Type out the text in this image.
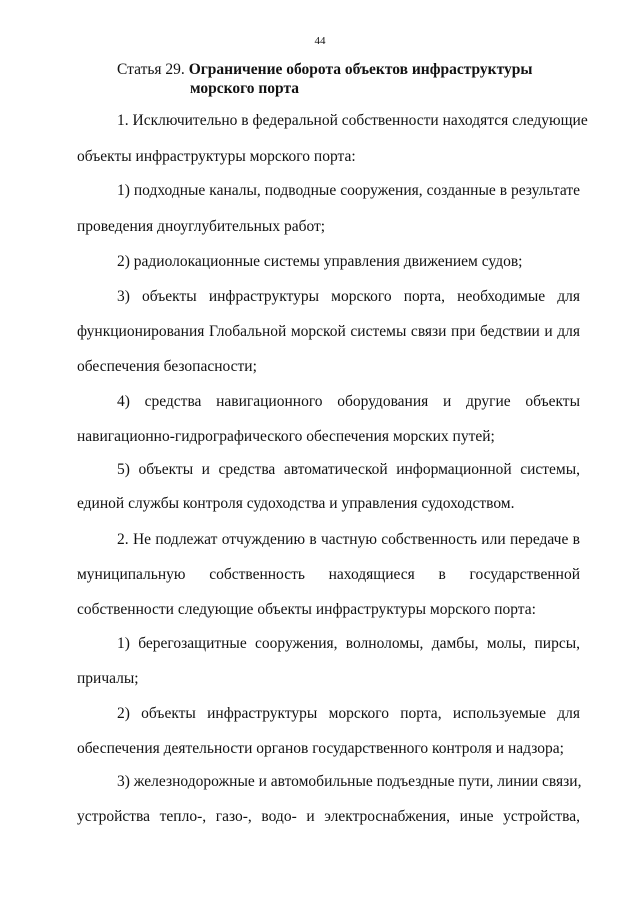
44
Статья 29. Ограничение оборота объектов инфраструктуры
морского порта
1. Исключительно в федеральной собственности находятся следующие
объекты инфраструктуры морского порта:
1) подходные каналы, подводные сооружения, созданные в результате
проведения дноуглубительных работ;
2) радиолокационные системы управления движением судов;
3) объекты инфраструктуры морского порта, необходимые для
функционирования Глобальной морской системы связи при бедствии и для
обеспечения безопасности;
4) средства навигационного оборудования и другие объекты
навигационно-гидрографического обеспечения морских путей;
5) объекты и средства автоматической информационной системы,
единой службы контроля судоходства и управления судоходством.
2. Не подлежат отчуждению в частную собственность или передаче в
муниципальную собственность находящиеся в государственной
собственности следующие объекты инфраструктуры морского порта:
1) берегозащитные сооружения, волноломы, дамбы, молы, пирсы,
причалы;
2) объекты инфраструктуры морского порта, используемые для
обеспечения деятельности органов государственного контроля и надзора;
3) железнодорожные и автомобильные подъездные пути, линии связи,
устройства тепло-, газо-, водо- и электроснабжения, иные устройства,
